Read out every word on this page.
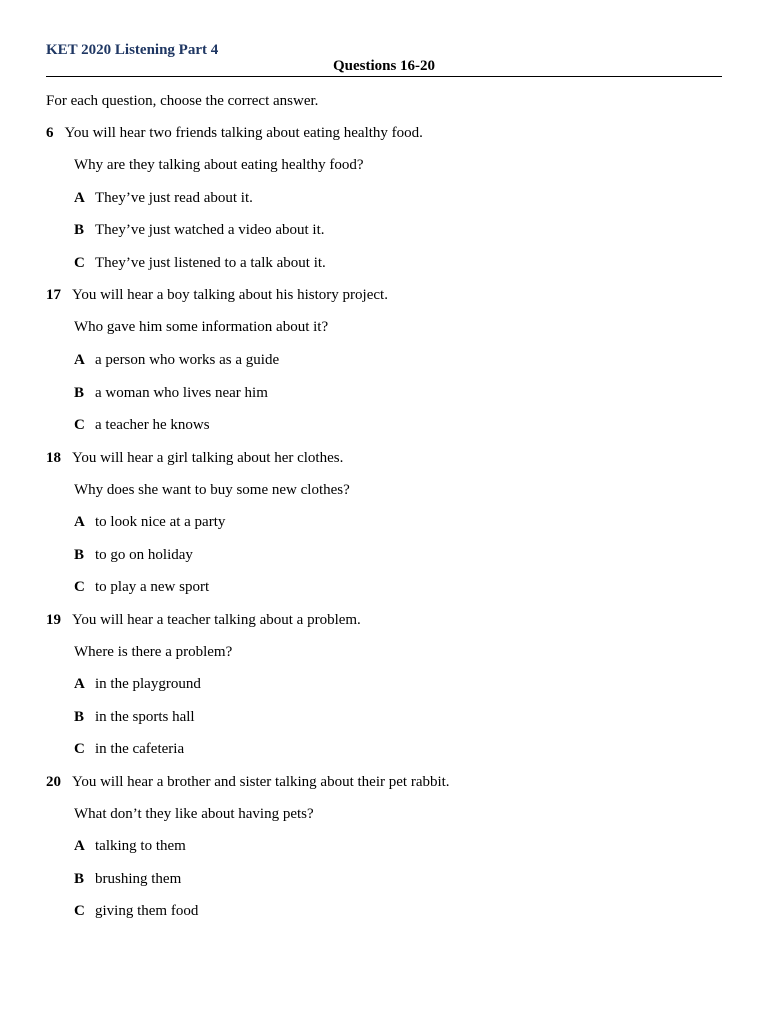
KET 2020 Listening Part 4
Questions 16-20
For each question, choose the correct answer.
6 You will hear two friends talking about eating healthy food.
Why are they talking about eating healthy food?
A They’ve just read about it.
B They’ve just watched a video about it.
C They’ve just listened to a talk about it.
17 You will hear a boy talking about his history project.
Who gave him some information about it?
A a person who works as a guide
B a woman who lives near him
C a teacher he knows
18 You will hear a girl talking about her clothes.
Why does she want to buy some new clothes?
A to look nice at a party
B to go on holiday
C to play a new sport
19 You will hear a teacher talking about a problem.
Where is there a problem?
A in the playground
B in the sports hall
C in the cafeteria
20 You will hear a brother and sister talking about their pet rabbit.
What don’t they like about having pets?
A talking to them
B brushing them
C giving them food
